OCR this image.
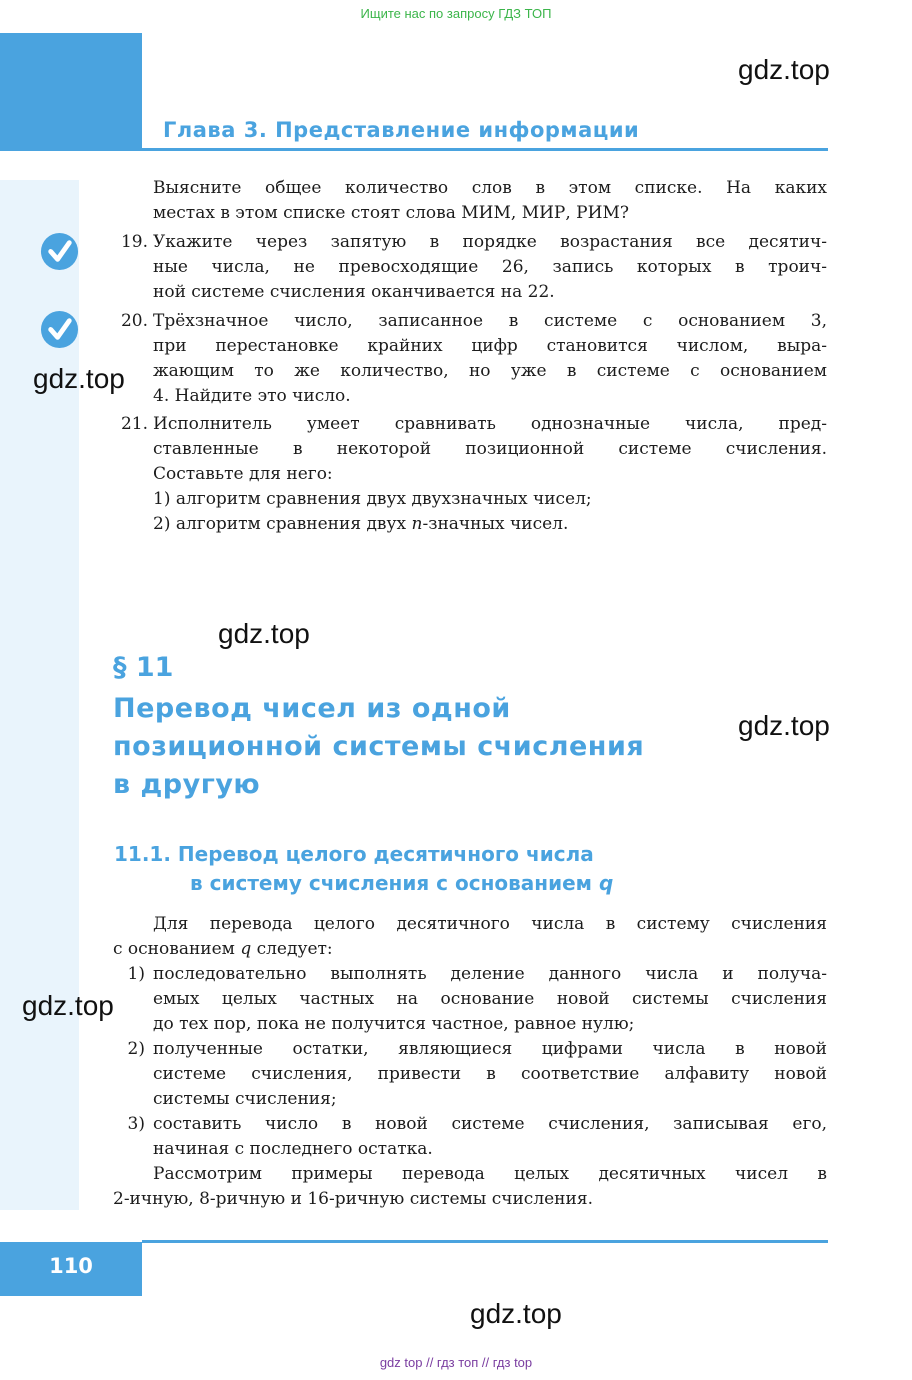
Ищите нас по запросу ГДЗ ТОП
Глава 3. Представление информации
gdz.top
gdz.top
gdz.top
gdz.top
gdz.top
gdz.top
Выясните общее количество слов в этом списке. На каких
местах в этом списке стоят слова МИМ, МИР, РИМ?
19. Укажите через запятую в порядке возрастания все десятич-
ные числа, не превосходящие 26, запись которых в троич-
ной системе счисления оканчивается на 22.
20. Трёхзначное число, записанное в системе с основанием 3,
при перестановке крайних цифр становится числом, выра-
жающим то же количество, но уже в системе с основанием
4. Найдите это число.
21. Исполнитель умеет сравнивать однозначные числа, пред-
ставленные в некоторой позиционной системе счисления.
Составьте для него:
1) алгоритм сравнения двух двухзначных чисел;
2) алгоритм сравнения двух n-значных чисел.
§ 11
Перевод чисел из одной
позиционной системы счисления
в другую
11.1. Перевод целого десятичного числа
в систему счисления с основанием q
Для перевода целого десятичного числа в систему счисления
с основанием q следует:
1) последовательно выполнять деление данного числа и получа-
емых целых частных на основание новой системы счисления
до тех пор, пока не получится частное, равное нулю;
2) полученные остатки, являющиеся цифрами числа в новой
системе счисления, привести в соответствие алфавиту новой
системы счисления;
3) составить число в новой системе счисления, записывая его,
начиная с последнего остатка.
Рассмотрим примеры перевода целых десятичных чисел в
2-ичную, 8-ричную и 16-ричную системы счисления.
110
gdz top // гдз топ // гдз top
